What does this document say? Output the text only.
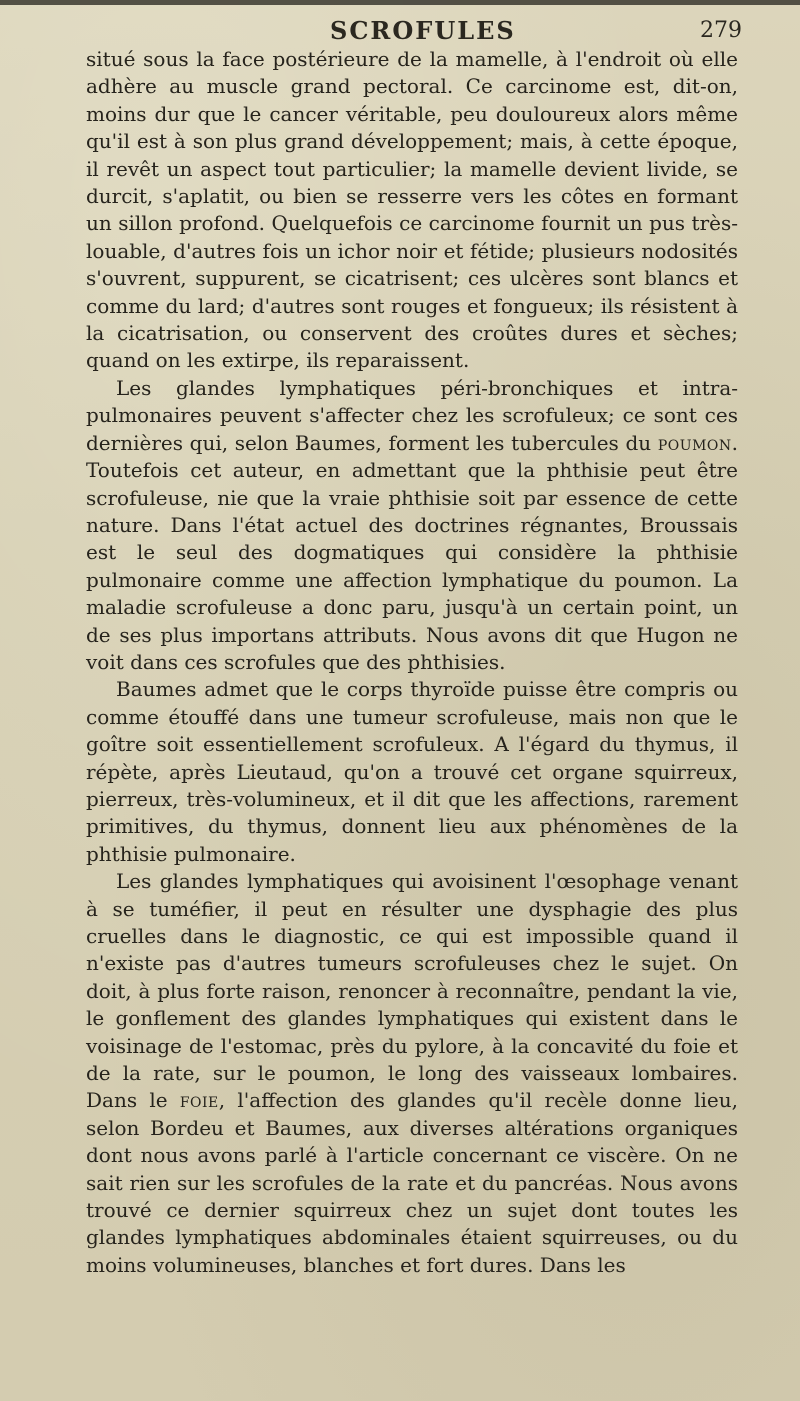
SCROFULES	279

situé sous la face postérieure de la mamelle, à l'endroit où elle adhère au muscle grand pectoral. Ce carcinome est, dit-on, moins dur que le cancer véritable, peu douloureux alors même qu'il est à son plus grand développement; mais, à cette époque, il revêt un aspect tout particulier; la mamelle devient livide, se durcit, s'aplatit, ou bien se resserre vers les côtes en formant un sillon profond. Quelquefois ce carcinome fournit un pus très-louable, d'autres fois un ichor noir et fétide; plusieurs nodosités s'ouvrent, suppurent, se cicatrisent; ces ulcères sont blancs et comme du lard; d'autres sont rouges et fongueux; ils résistent à la cicatrisation, ou conservent des croûtes dures et sèches; quand on les extirpe, ils reparaissent.

Les glandes lymphatiques péri-bronchiques et intra-pulmonaires peuvent s'affecter chez les scrofuleux; ce sont ces dernières qui, selon Baumes, forment les tubercules du poumon. Toutefois cet auteur, en admettant que la phthisie peut être scrofuleuse, nie que la vraie phthisie soit par essence de cette nature. Dans l'état actuel des doctrines régnantes, Broussais est le seul des dogmatiques qui considère la phthisie pulmonaire comme une affection lymphatique du poumon. La maladie scrofuleuse a donc paru, jusqu'à un certain point, un de ses plus importans attributs. Nous avons dit que Hugon ne voit dans ces scrofules que des phthisies.

Baumes admet que le corps thyroïde puisse être compris ou comme étouffé dans une tumeur scrofuleuse, mais non que le goître soit essentiellement scrofuleux. A l'égard du thymus, il répète, après Lieutaud, qu'on a trouvé cet organe squirreux, pierreux, très-volumineux, et il dit que les affections, rarement primitives, du thymus, donnent lieu aux phénomènes de la phthisie pulmonaire.

Les glandes lymphatiques qui avoisinent l'œsophage venant à se tuméfier, il peut en résulter une dysphagie des plus cruelles dans le diagnostic, ce qui est impossible quand il n'existe pas d'autres tumeurs scrofuleuses chez le sujet. On doit, à plus forte raison, renoncer à reconnaître, pendant la vie, le gonflement des glandes lymphatiques qui existent dans le voisinage de l'estomac, près du pylore, à la concavité du foie et de la rate, sur le poumon, le long des vaisseaux lombaires. Dans le foie, l'affection des glandes qu'il recèle donne lieu, selon Bordeu et Baumes, aux diverses altérations organiques dont nous avons parlé à l'article concernant ce viscère. On ne sait rien sur les scrofules de la rate et du pancréas. Nous avons trouvé ce dernier squirreux chez un sujet dont toutes les glandes lymphatiques abdominales étaient squirreuses, ou du moins volumineuses, blanches et fort dures. Dans les
